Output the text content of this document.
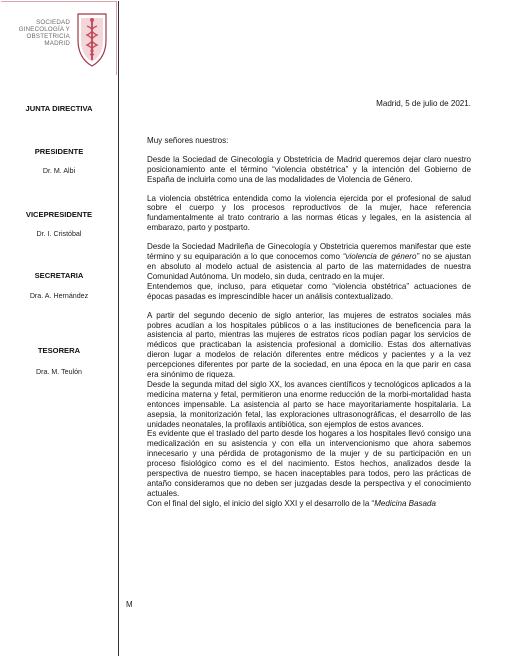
SOCIEDAD
GINECOLOGÍA Y
OBSTETRICIA
MADRID
JUNTA DIRECTIVA
PRESIDENTE
Dr. M. Albi
VICEPRESIDENTE
Dr. I. Cristóbal
SECRETARIA
Dra. A. Hernández
TESORERA
Dra. M. Teulón
M
Madrid, 5 de julio de 2021.
Muy señores nuestros:

Desde la Sociedad de Ginecología y Obstetricia de Madrid queremos dejar claro nuestro posicionamiento ante el término “violencia obstétrica” y la intención del Gobierno de España de incluirla como una de las modalidades de Violencia de Género.

La violencia obstétrica entendida como la violencia ejercida por el profesional de salud sobre el cuerpo y los procesos reproductivos de la mujer, hace referencia fundamentalmente al trato contrario a las normas éticas y legales, en la asistencia al embarazo, parto y postparto.

Desde la Sociedad Madrileña de Ginecología y Obstetricia queremos manifestar que este término y su equiparación a lo que conocemos como “violencia de género” no se ajustan en absoluto al modelo actual de asistencia al parto de las maternidades de nuestra Comunidad Autónoma. Un modelo, sin duda, centrado en la mujer.

Entendemos que, incluso, para etiquetar como “violencia obstétrica” actuaciones de épocas pasadas es imprescindible hacer un análisis contextualizado.

A partir del segundo decenio de siglo anterior, las mujeres de estratos sociales más pobres acudían a los hospitales públicos o a las instituciones de beneficencia para la asistencia al parto, mientras las mujeres de estratos ricos podían pagar los servicios de médicos que practicaban la asistencia profesional a domicilio. Estas dos alternativas dieron lugar a modelos de relación diferentes entre médicos y pacientes y a la vez percepciones diferentes por parte de la sociedad, en una época en la que parir en casa era sinónimo de riqueza.

Desde la segunda mitad del siglo XX, los avances científicos y tecnológicos aplicados a la medicina materna y fetal, permitieron una enorme reducción de la morbi-mortalidad hasta entonces impensable. La asistencia al parto se hace mayoritariamente hospitalaria. La asepsia, la monitorización fetal, las exploraciones ultrasonográficas, el desarrollo de las unidades neonatales, la profilaxis antibiótica, son ejemplos de estos avances.

Es evidente que el traslado del parto desde los hogares a los hospitales llevó consigo una medicalización en su asistencia y con ella un intervencionismo que ahora sabemos innecesario y una pérdida de protagonismo de la mujer y de su participación en un proceso fisiológico como es el del nacimiento. Estos hechos, analizados desde la perspectiva de nuestro tiempo, se hacen inaceptables para todos, pero las prácticas de antaño consideramos que no deben ser juzgadas desde la perspectiva y el conocimiento actuales.

Con el final del siglo, el inicio del siglo XXI y el desarrollo de la “Medicina Basada
